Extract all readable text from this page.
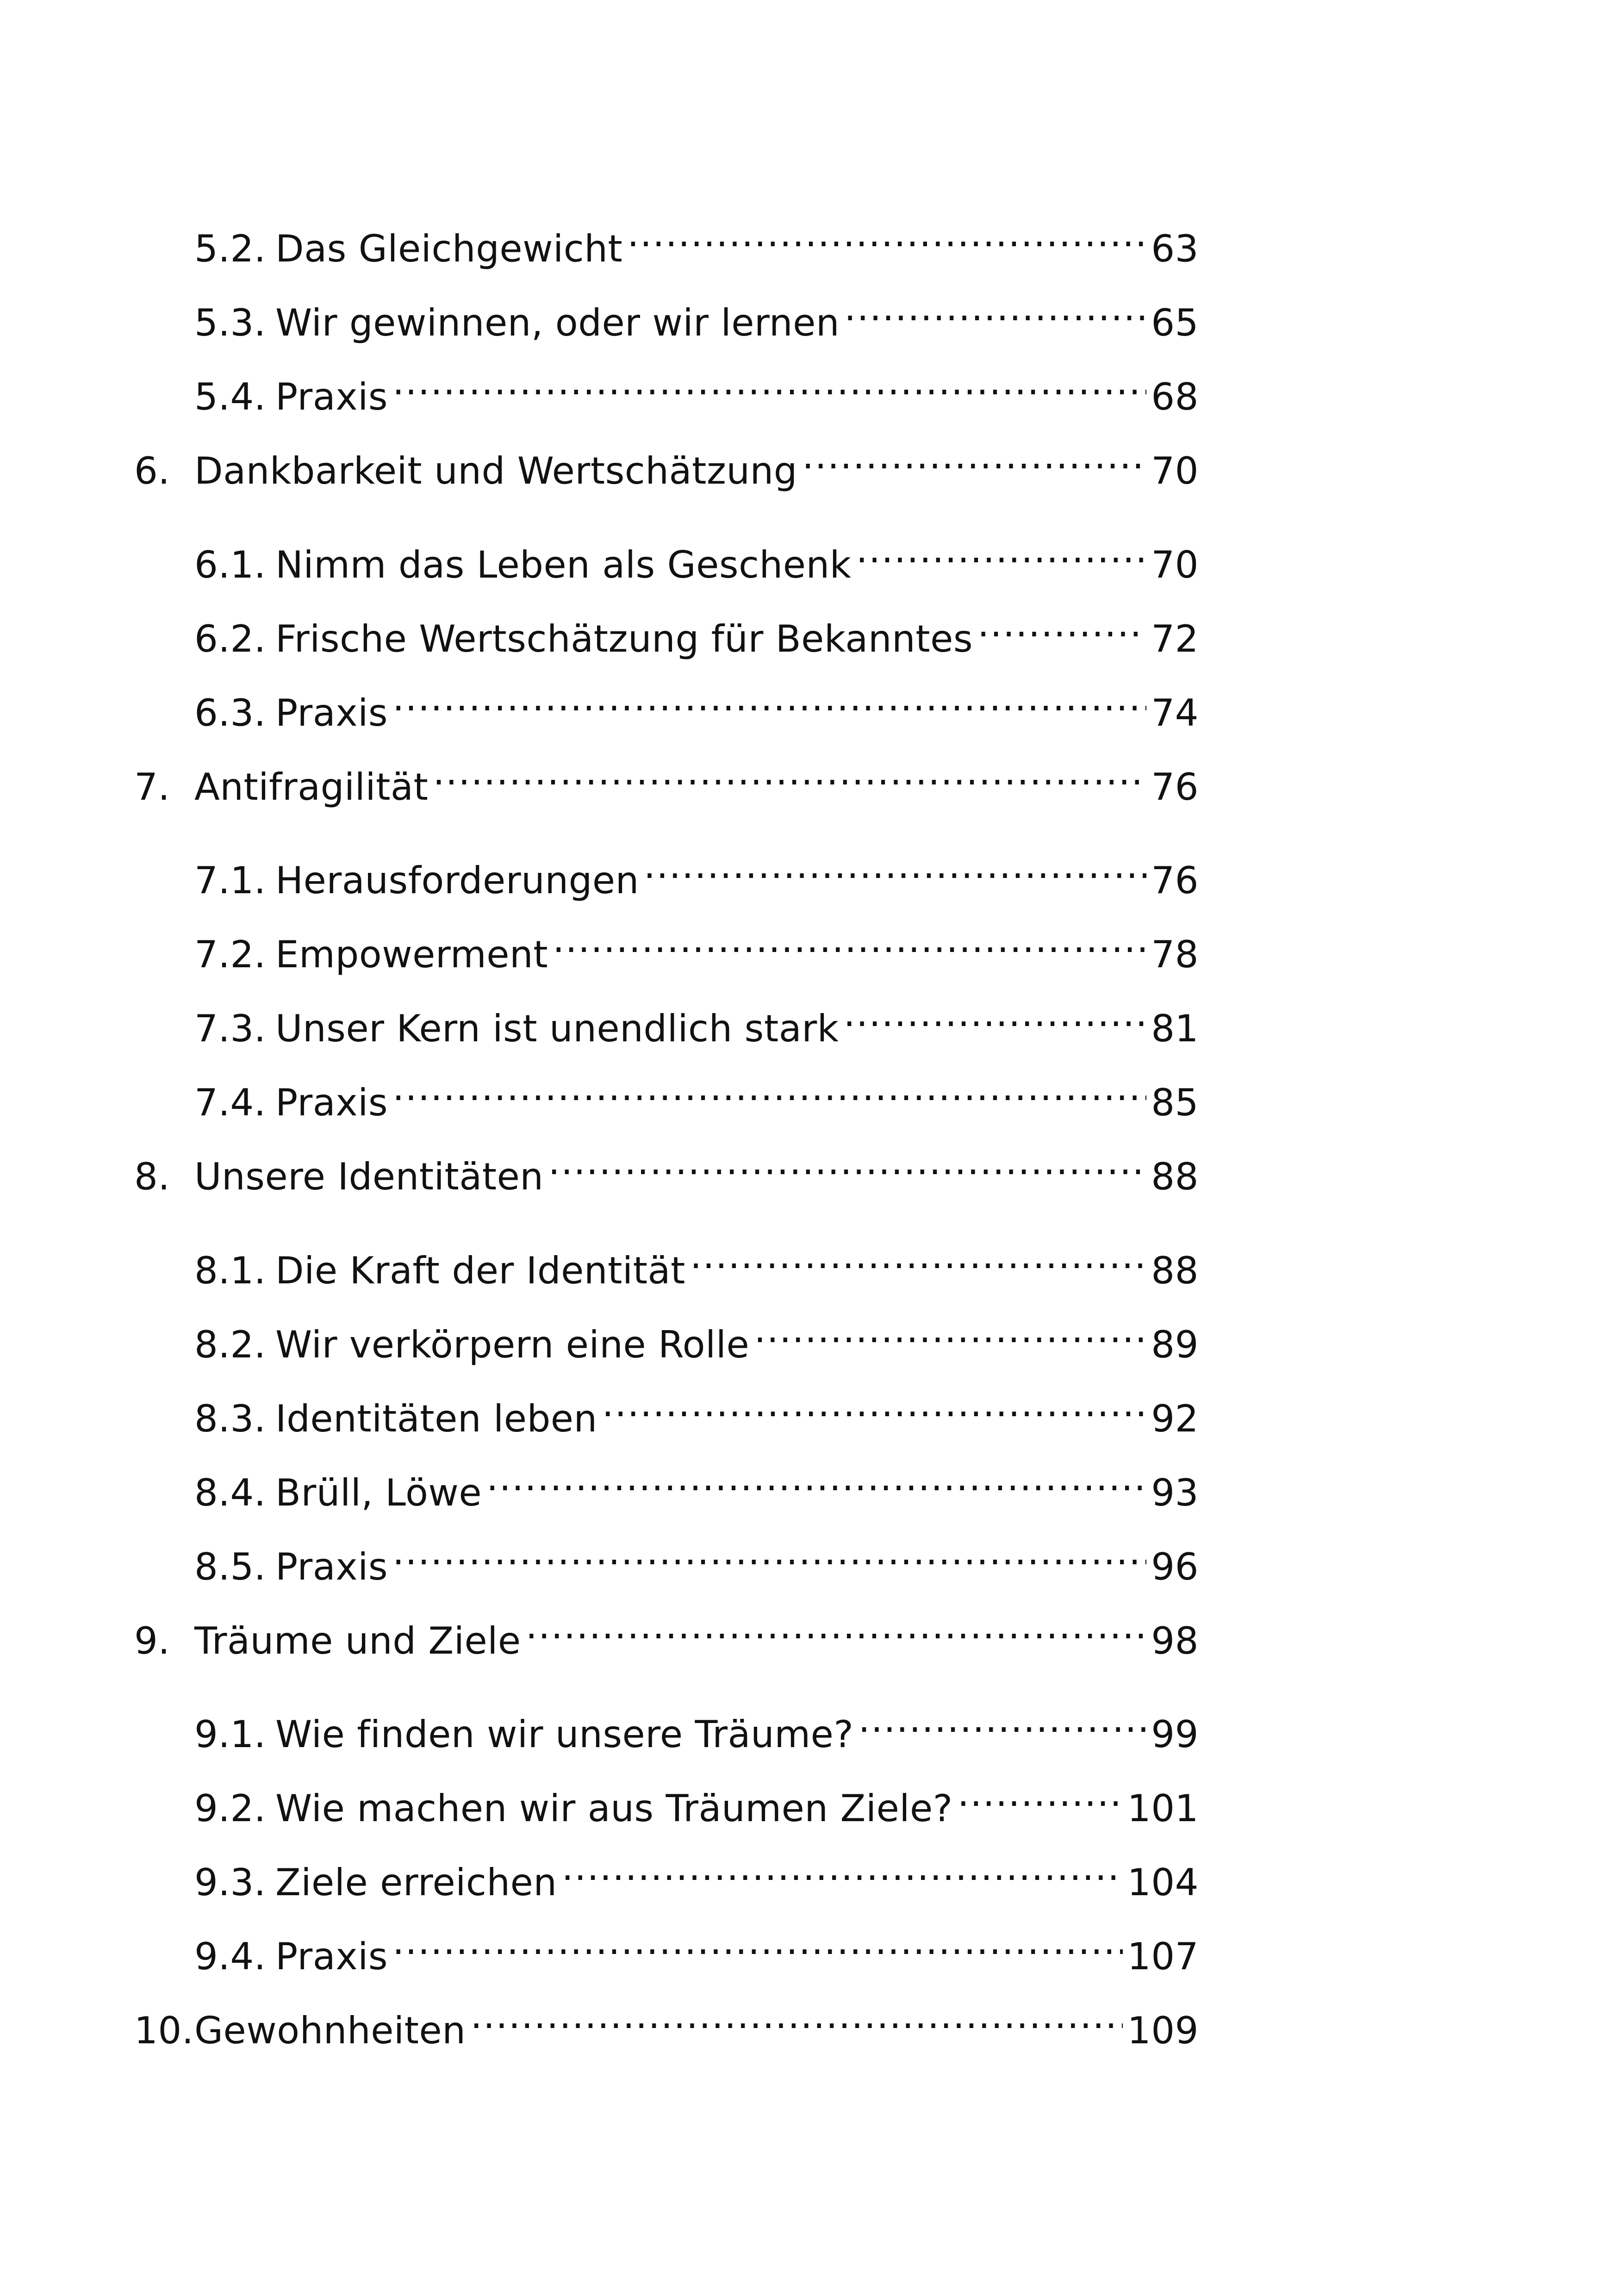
5.2. Das Gleichgewicht .....	63
5.3. Wir gewinnen, oder wir lernen .....	65
5.4. Praxis .....	68
6. Dankbarkeit und Wertschätzung .....	70
6.1. Nimm das Leben als Geschenk .....	70
6.2. Frische Wertschätzung für Bekanntes .....	72
6.3. Praxis .....	74
7. Antifragilität .....	76
7.1. Herausforderungen .....	76
7.2. Empowerment .....	78
7.3. Unser Kern ist unendlich stark .....	81
7.4. Praxis .....	85
8. Unsere Identitäten .....	88
8.1. Die Kraft der Identität .....	88
8.2. Wir verkörpern eine Rolle .....	89
8.3. Identitäten leben .....	92
8.4. Brüll, Löwe .....	93
8.5. Praxis .....	96
9. Träume und Ziele .....	98
9.1. Wie finden wir unsere Träume? .....	99
9.2. Wie machen wir aus Träumen Ziele? .....	101
9.3. Ziele erreichen .....	104
9.4. Praxis .....	107
10. Gewohnheiten .....	109
